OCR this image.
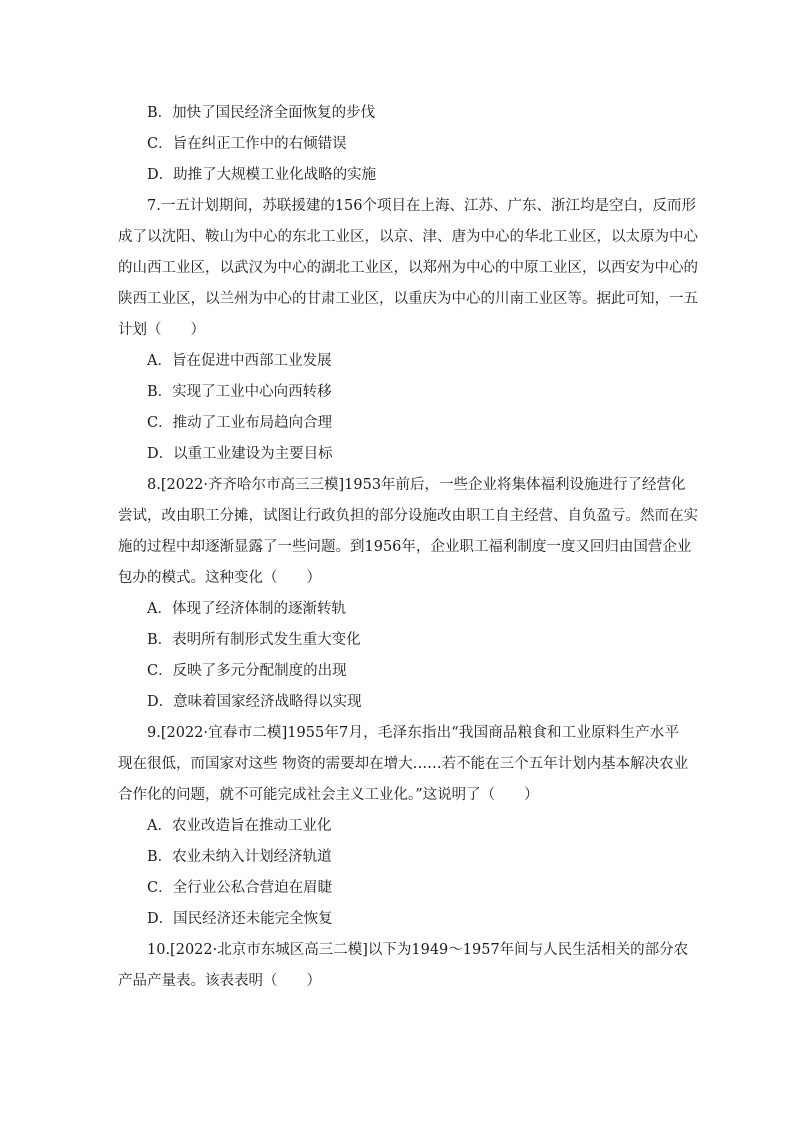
B．加快了国民经济全面恢复的步伐

C．旨在纠正工作中的右倾错误

D．助推了大规模工业化战略的实施

7.一五计划期间，苏联援建的156个项目在上海、江苏、广东、浙江均是空白，反而形

成了以沈阳、鞍山为中心的东北工业区，以京、津、唐为中心的华北工业区，以太原为中心

的山西工业区，以武汉为中心的湖北工业区，以郑州为中心的中原工业区，以西安为中心的

陕西工业区，以兰州为中心的甘肃工业区，以重庆为中心的川南工业区等。据此可知，一五

计划（　　）

A．旨在促进中西部工业发展

B．实现了工业中心向西转移

C．推动了工业布局趋向合理

D．以重工业建设为主要目标

8.[2022·齐齐哈尔市高三三模]1953年前后，一些企业将集体福利设施进行了经营化

尝试，改由职工分摊，试图让行政负担的部分设施改由职工自主经营、自负盈亏。然而在实

施的过程中却逐渐显露了一些问题。到1956年，企业职工福利制度一度又回归由国营企业

包办的模式。这种变化（　　）

A．体现了经济体制的逐渐转轨

B．表明所有制形式发生重大变化

C．反映了多元分配制度的出现

D．意味着国家经济战略得以实现

9.[2022·宜春市二模]1955年7月，毛泽东指出“我国商品粮食和工业原料生产水平

现在很低，而国家对这些 物资的需要却在增大……若不能在三个五年计划内基本解决农业

合作化的问题，就不可能完成社会主义工业化。”这说明了（　　）

A．农业改造旨在推动工业化

B．农业未纳入计划经济轨道

C．全行业公私合营迫在眉睫

D．国民经济还未能完全恢复

10.[2022·北京市东城区高三二模]以下为1949～1957年间与人民生活相关的部分农

产品产量表。该表表明（　　）
